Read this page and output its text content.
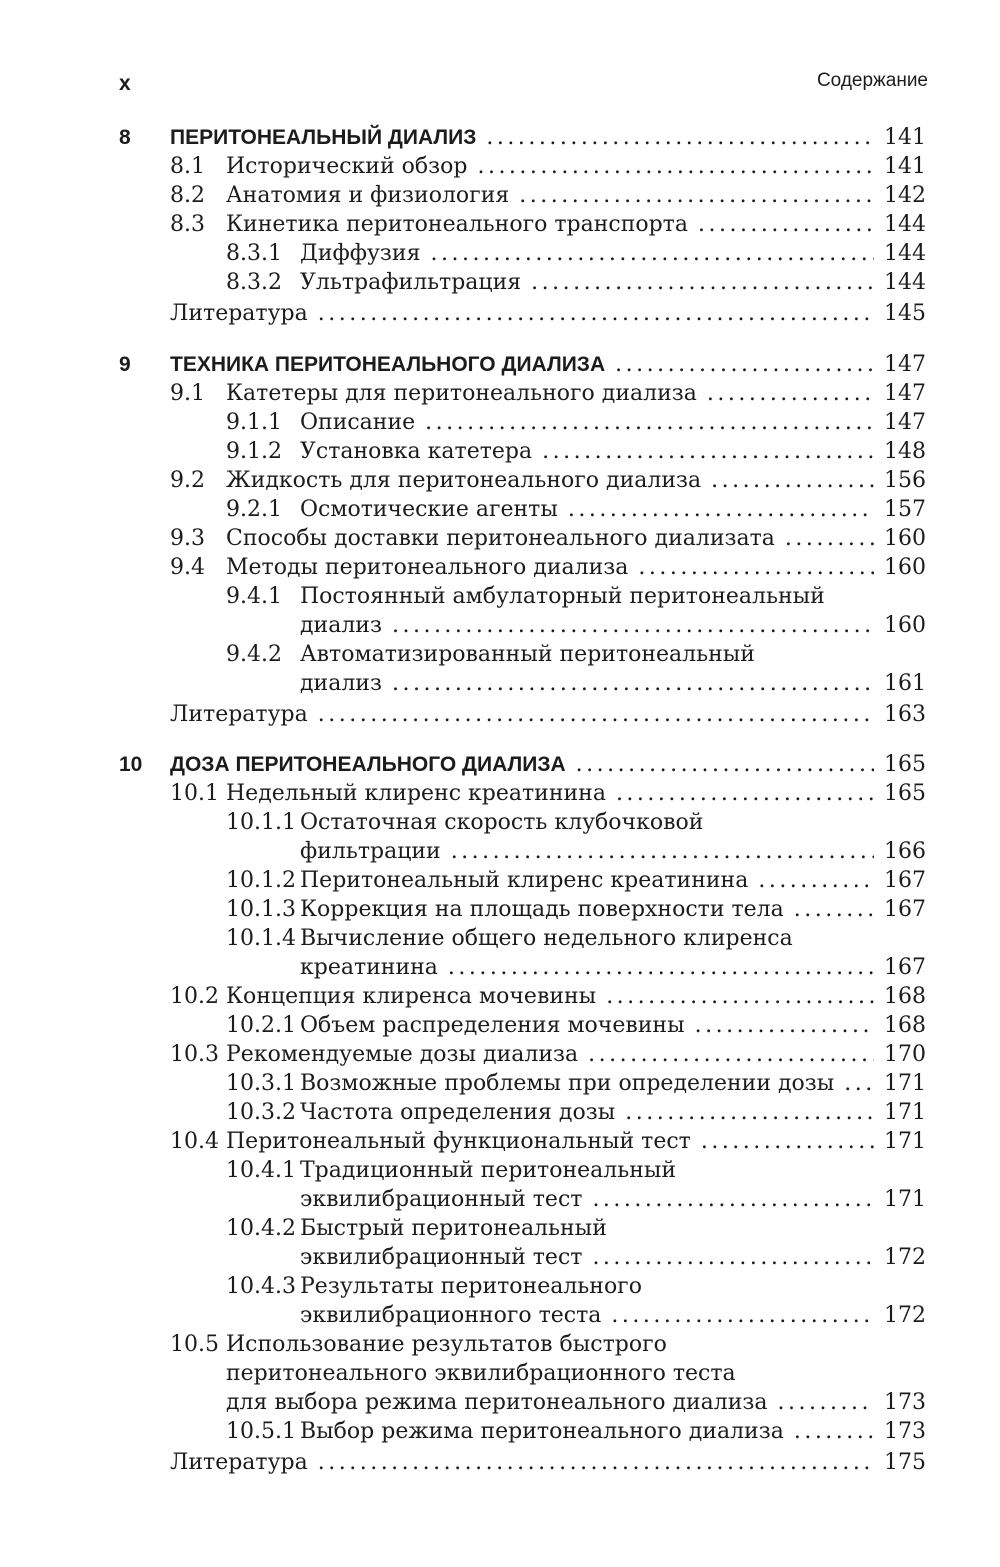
x	Содержание
8 ПЕРИТОНЕАЛЬНЫЙ ДИАЛИЗ .....	141
8.1 Исторический обзор .....	141
8.2 Анатомия и физиология .....	142
8.3 Кинетика перитонеального транспорта .....	144
8.3.1 Диффузия .....	144
8.3.2 Ультрафильтрация .....	144
Литература .....	145
9 ТЕХНИКА ПЕРИТОНЕАЛЬНОГО ДИАЛИЗА .....	147
9.1 Катетеры для перитонеального диализа .....	147
9.1.1 Описание .....	147
9.1.2 Установка катетера .....	148
9.2 Жидкость для перитонеального диализа .....	156
9.2.1 Осмотические агенты .....	157
9.3 Способы доставки перитонеального диализата .....	160
9.4 Методы перитонеального диализа .....	160
9.4.1 Постоянный амбулаторный перитонеальный
диализ .....	160
9.4.2 Автоматизированный перитонеальный
диализ .....	161
Литература .....	163
10 ДОЗА ПЕРИТОНЕАЛЬНОГО ДИАЛИЗА .....	165
10.1 Недельный клиренс креатинина .....	165
10.1.1 Остаточная скорость клубочковой
фильтрации .....	166
10.1.2 Перитонеальный клиренс креатинина .....	167
10.1.3 Коррекция на площадь поверхности тела .....	167
10.1.4 Вычисление общего недельного клиренса
креатинина .....	167
10.2 Концепция клиренса мочевины .....	168
10.2.1 Объем распределения мочевины .....	168
10.3 Рекомендуемые дозы диализа .....	170
10.3.1 Возможные проблемы при определении дозы ..... 171
10.3.2 Частота определения дозы .....	171
10.4 Перитонеальный функциональный тест .....	171
10.4.1 Традиционный перитонеальный
эквилибрационный тест .....	171
10.4.2 Быстрый перитонеальный
эквилибрационный тест .....	172
10.4.3 Результаты перитонеального
эквилибрационного теста .....	172
10.5 Использование результатов быстрого
перитонеального эквилибрационного теста
для выбора режима перитонеального диализа .....	173
10.5.1 Выбор режима перитонеального диализа .....	173
Литература .....	175
